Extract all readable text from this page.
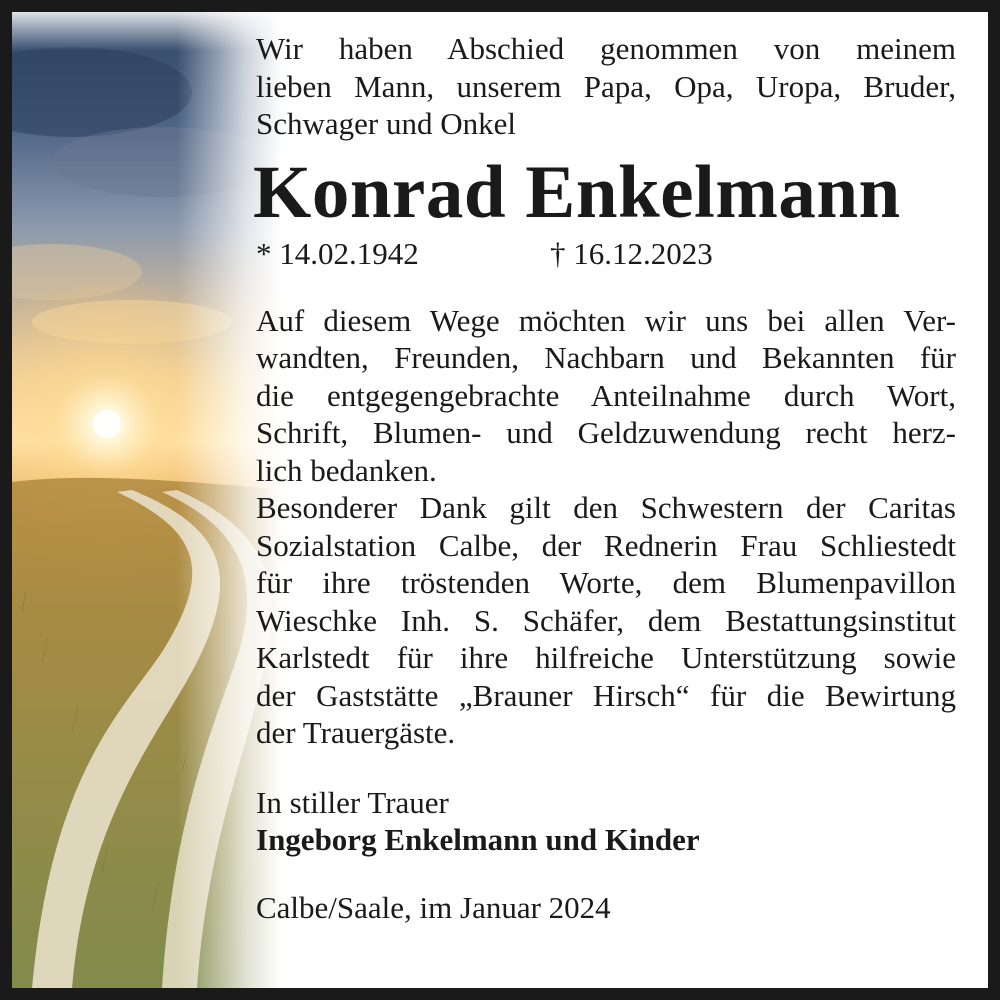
Wir haben Abschied genommen von meinem
lieben Mann, unserem Papa, Opa, Uropa, Bruder,
Schwager und Onkel
Konrad Enkelmann
* 14.02.1942	† 16.12.2023
Auf diesem Wege möchten wir uns bei allen Ver-
wandten, Freunden, Nachbarn und Bekannten für
die entgegengebrachte Anteilnahme durch Wort,
Schrift, Blumen- und Geldzuwendung recht herz-
lich bedanken.
Besonderer Dank gilt den Schwestern der Caritas
Sozialstation Calbe, der Rednerin Frau Schliestedt
für ihre tröstenden Worte, dem Blumenpavillon
Wieschke Inh. S. Schäfer, dem Bestattungsinstitut
Karlstedt für ihre hilfreiche Unterstützung sowie
der Gaststätte „Brauner Hirsch“ für die Bewirtung
der Trauergäste.

In stiller Trauer

Ingeborg Enkelmann und Kinder

Calbe/Saale, im Januar 2024
